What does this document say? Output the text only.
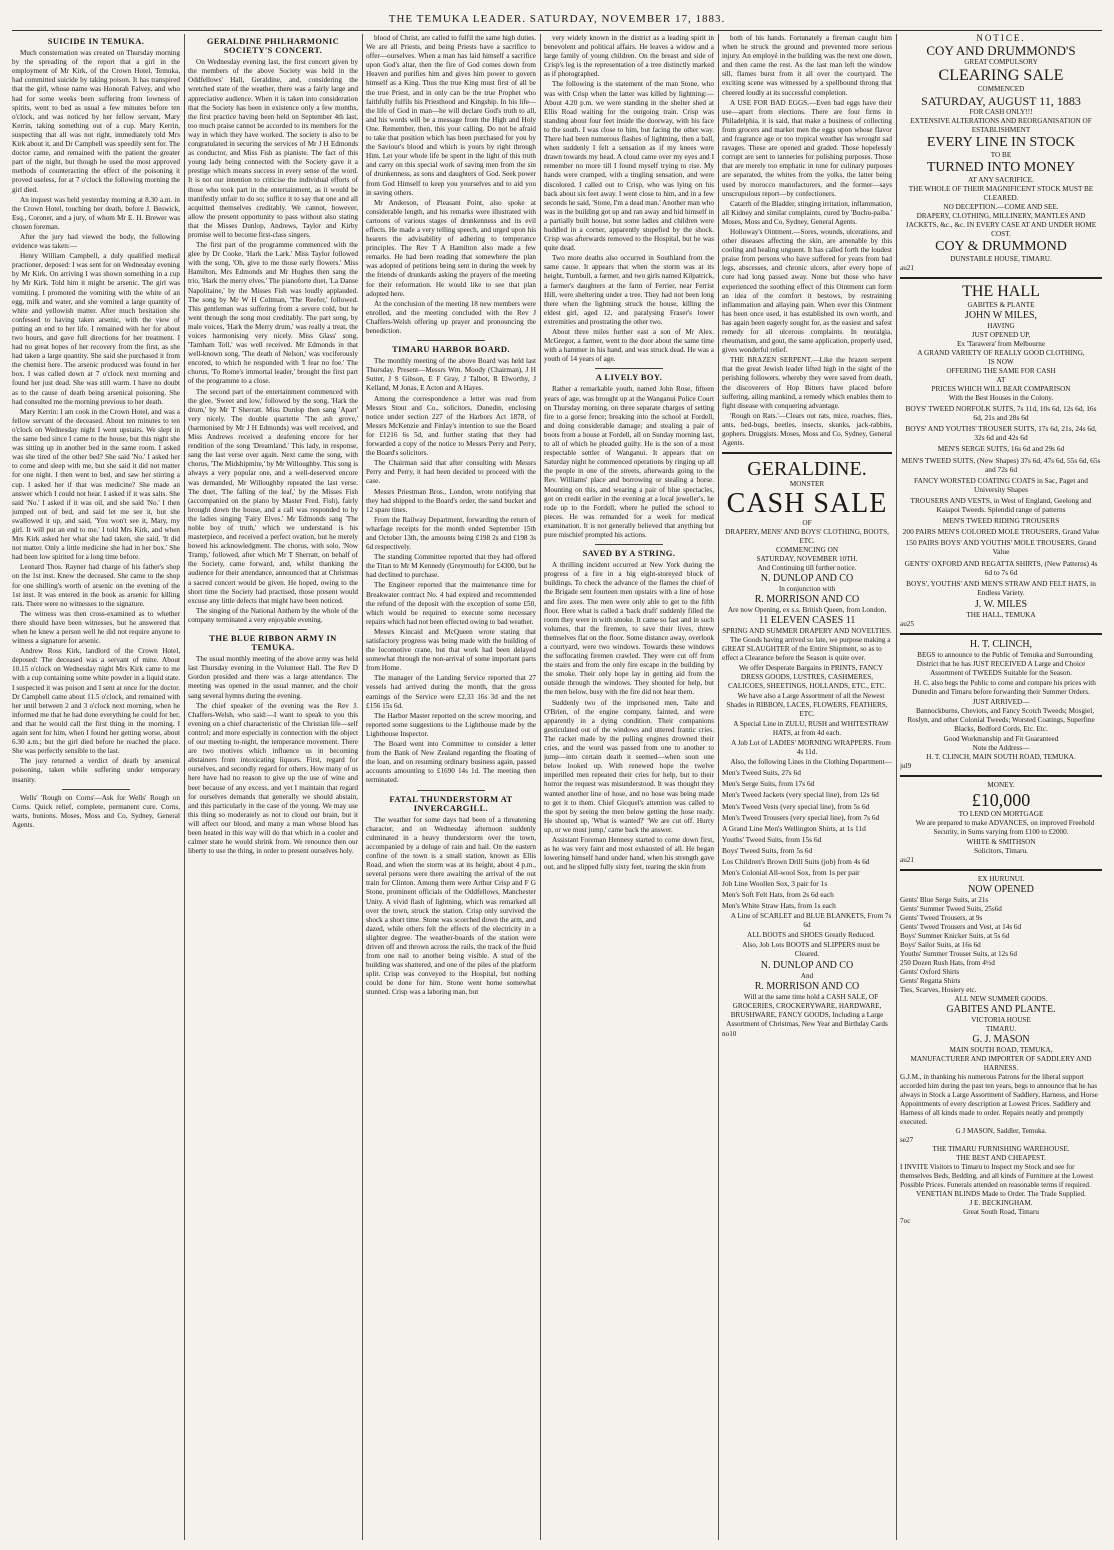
THE TEMUKA LEADER. SATURDAY, NOVEMBER 17, 1883.
SUICIDE IN TEMUKA.

Much consternation was created on Thursday morning by the spreading of the report that a girl in the employment of Mr Kirk, of the Crown Hotel, Temuka, had committed suicide by taking poison. It has transpired that the girl, whose name was Honorah Falvey, and who had for some weeks been suffering from lowness of spirits, went to bed as usual a few minutes before ten o'clock, and was noticed by her fellow servant, Mary Kerrin, taking something out of a cup. Mary Kerrin, suspecting that all was not right, immediately told Mrs Kirk about it, and Dr Campbell was speedily sent for. The doctor came, and remained with the patient the greater part of the night, but though he used the most approved methods of counteracting the effect of the poisoning it proved useless, for at 7 o'clock the following morning the girl died.

An inquest was held yesterday morning at 8.30 a.m. in the Crown Hotel, touching her death, before J. Beswick, Esq., Coroner, and a jury, of whom Mr E. H. Brewer was chosen foreman.

After the jury had viewed the body, the following evidence was taken:—

Henry William Campbell, a duly qualified medical practioner, deposed: I was sent for on Wednesday evening by Mr Kirk. On arriving I was shown something in a cup by Mr Kirk. Told him it might be arsenic. The girl was vomiting. I promoted the vomiting with the white of an egg, milk and water, and she vomited a large quantity of white and yellowish matter. After much hesitation she confessed to having taken arsenic, with the view of putting an end to her life. I remained with her for about two hours, and gave full directions for her treatment. I had no great hopes of her recovery from the first, as she had taken a large quantity. She said she purchased it from the chemist here. The arsenic produced was found in her box. I was called down at 7 o'clock next morning and found her just dead. She was still warm. I have no doubt as to the cause of death being arsenical poisoning. She had consulted me the morning previous to her death.

Mary Kerrin: I am cook in the Crown Hotel, and was a fellow servant of the deceased. About ten minutes to ten o'clock on Wednesday night I went upstairs. We slept in the same bed since I came to the house, but this night she was sitting up in another bed in the same room. I asked was she tired of the other bed? She said 'No.' I asked her to come and sleep with me, but she said it did not matter for one night. I then went to bed, and saw her stirring a cup. I asked her if that was medicine? She made an answer which I could not hear. I asked if it was salts. She said 'No.' I asked if it was oil, and she said 'No.' I then jumped out of bed, and said let me see it, but she swallowed it up, and said, 'You won't see it, Mary, my girl. It will put an end to me.' I told Mrs Kirk, and when Mrs Kirk asked her what she had taken, she said, 'It did not matter. Only a little medicine she had in her box.' She had been low spirited for a long time before.

Leonard Thos. Rayner had charge of his father's shop on the 1st inst. Knew the deceased. She came to the shop for one shilling's worth of arsenic on the evening of the 1st inst. It was entered in the book as arsenic for killing rats. There were no witnesses to the signature.

The witness was then cross-examined as to whether there should have been witnesses, but he answered that when he knew a person well he did not require anyone to witness a signature for arsenic.

Andrew Ross Kirk, landlord of the Crown Hotel, deposed: The deceased was a servant of mine. About 10.15 o'clock on Wednesday night Mrs Kirk came to me with a cup containing some white powder in a liquid state. I suspected it was poison and I sent at once for the doctor. Dr Campbell came about 11.5 o'clock, and remained with her until between 2 and 3 o'clock next morning, when he informed me that he had done everything he could for her, and that he would call the first thing in the morning. I again sent for him, when I found her getting worse, about 6.30 a.m.; but the girl died before he reached the place. She was perfectly sensible to the last.

The jury returned a verdict of death by arsenical poisoning, taken while suffering under temporary insanity.

Wells' 'Rough on Corns'—Ask for Wells' Rough on Corns. Quick relief, complete, permanent cure. Corns, warts, bunions. Moses, Moss and Co, Sydney, General Agents.

GERALDINE PHILHARMONIC SOCIETY'S CONCERT.

On Wednesday evening last, the first concert given by the members of the above Society was held in the Oddfellows' Hall, Geraldine, and, considering the wretched state of the weather, there was a fairly large and appreciative audience. When it is taken into consideration that the Society has been in existence only a few months, the first practice having been held on September 4th last, too much praise cannot be accorded to its members for the way in which they have worked. The society is also to be congratulated in securing the services of Mr J H Edmonds as conductor, and Miss Fish as pianiste. The fact of this young lady being connected with the Society gave it a prestige which means success in every sense of the word. It is not our intention to criticise the individual efforts of those who took part in the entertainment, as it would be manifestly unfair to do so; suffice it to say that one and all acquitted themselves creditably. We cannot, however, allow the present opportunity to pass without also stating that the Misses Dunlop, Andrews, Taylor and Kirby promise well to become first-class singers.

The first part of the programme commenced with the glee by Dr Cooke, 'Hark the Lark.' Miss Taylor followed with the song, 'Oh, give to me those early flowers.' Miss Hamilton, Mrs Edmonds and Mr Hughes then sang the trio, 'Hark the merry elves.' The pianoforte duet, 'La Danse Napolitaine,' by the Misses Fish was loudly applauded. The song by Mr W H Coltman, 'The Reefer,' followed. This gentleman was suffering from a severe cold, but he went through the song most creditably. The part song, by male voices, 'Hark the Merry drum,' was really a treat, the voices harmonising very nicely. Miss Glass' song, 'Tarnham Toll,' was well received. Mr Edmonds in that well-known song, 'The death of Nelson,' was vociferously encored, to which he responded with 'I fear no foe.' The chorus, 'To Rome's immortal leader,' brought the first part of the programme to a close.

The second part of the entertainment commenced with the glee, 'Sweet and low,' followed by the song, 'Hark the drum,' by Mr T Sherratt. Miss Dunlop then sang 'Apart' very nicely. The double quartette 'The ash grove,' (harmonised by Mr J H Edmonds) was well received, and Miss Andrews received a deafening encore for her rendition of the song 'Dreamland.' This lady, in response, sang the last verse over again. Next came the song, with chorus, 'The Midshipmite,' by Mr Willoughby. This song is always a very popular one, and a well-deserved encore was demanded, Mr Willoughby repeated the last verse. The duet, 'The falling of the leaf,' by the Misses Fish (accompanied on the piano by Master Fred. Fish), fairly brought down the house, and a call was responded to by the ladies singing 'Fairy Elves.' Mr Edmonds sang 'The noble boy of truth,' which we understand is his masterpiece, and received a perfect ovation, but he merely bowed his acknowledgment. The chorus, with solo, 'Now Tramp,' followed, after which Mr T Sherratt, on behalf of the Society, came forward, and, whilst thanking the audience for their attendance, announced that at Christmas a sacred concert would be given. He hoped, owing to the short time the Society had practised, those present would excuse any little defects that might have been noticed.

The singing of the National Anthem by the whole of the company terminated a very enjoyable evening.

THE BLUE RIBBON ARMY IN TEMUKA.

The usual monthly meeting of the above army was held last Thursday evening in the Volunteer Hall. The Rev D Gordon presided and there was a large attendance. The meeting was opened in the usual manner, and the choir sang several hymns during the evening.

The chief speaker of the evening was the Rev J. Chaffers-Welsh, who said:—I want to speak to you this evening on a chief characteristic of the Christian life—self control; and more especially in connection with the object of our meeting to-night, the temperance movement. There are two motives which influence us in becoming abstainers from intoxicating liquors. First, regard for ourselves, and secondly regard for others. How many of us here have had no reason to give up the use of wine and beer because of any excess, and yet I maintain that regard for ourselves demands that generally we should abstain, and this particularly in the case of the young. We may use this thing so moderately as not to cloud our brain, but it will affect our blood, and many a man whose blood has been heated in this way will do that which in a cooler and calmer state he would shrink from. We renounce then our liberty to use the thing, in order to present ourselves holy.

blood of Christ, are called to fulfil the same high duties. We are all Priests, and being Priests have a sacrifice to offer—ourselves. When a man has laid himself a sacrifice upon God's altar, then the fire of God comes down from Heaven and purifies him and gives him power to govern himself as a King. Thus the true King must first of all be the true Priest, and in only can be the true Prophet who faithfully fulfils his Priesthood and Kingship. In his life—the life of God in man—he will declare God's truth to all, and his words will be a message from the High and Holy One. Remember, then, this your calling. Do not be afraid to take that position which has been purchased for you by the Saviour's blood and which is yours by right through Him. Let your whole life be spent in the light of this truth and carry on this special work of saving men from the sin of drunkenness, as sons and daughters of God. Seek power from God Himself to keep you yourselves and to aid you in saving others.

Mr Anderson, of Pleasant Point, also spoke at considerable length, and his remarks were illustrated with cartoons of various stages of drunkenness and its evil effects. He made a very telling speech, and urged upon his hearers the advisability of adhering to temperance principles. The Rev T A Hamilton also made a few remarks. He had been reading that somewhere the plan was adopted of petitions being sent in during the week by the friends of drunkards asking the prayers of the meeting for their reformation. He would like to see that plan adopted here.

At the conclusion of the meeting 18 new members were enrolled, and the meeting concluded with the Rev J Chaffers-Welsh offering up prayer and pronouncing the benediction.

TIMARU HARBOR BOARD.

The monthly meeting of the above Board was held last Thursday. Present—Messrs Wm. Moody (Chairman), J H Sutter, J S Gibson, E F Gray, J Talbot, R Elworthy, J Kelland, M Jonas, E Acton and A Hayes.

Among the correspondence a letter was read from Messrs Stout and Co., solicitors, Dunedin, enclosing notice under section 227 of the Harbors Act 1878, of Messrs McKenzie and Finlay's intention to sue the Board for £1216 6s 5d, and further stating that they had forwarded a copy of the notice to Messrs Perry and Perry, the Board's solicitors.

The Chairman said that after consulting with Messrs Perry and Perry, it had been decided to proceed with the case.

Messrs Priestman Bros., London, wrote notifying that they had shipped to the Board's order, the sand bucket and 12 spare tines.

From the Railway Department, forwarding the return of wharfage receipts for the month ended September 15th and October 13th, the amounts being £198 2s and £198 3s 6d respectively.

The standing Committee reported that they had offered the Titan to Mr M Kennedy (Greymouth) for £4300, but he had declined to purchase.

The Engineer reported that the maintenance time for Breakwater contract No. 4 had expired and recommended the refund of the deposit with the exception of some £50, which would be required to execute some necessary repairs which had not been effected owing to bad weather.

Messrs Kincaid and McQueen wrote stating that satisfactory progress was being made with the building of the locomotive crane, but that work had been delayed somewhat through the non-arrival of some important parts from Home.

The manager of the Landing Service reported that 27 vessels had arrived during the month, that the gross earnings of the Service were £2,33 16s 3d and the net £156 15s 6d.

The Harbor Master reported on the screw mooring, and reported some suggestions to the Lighthouse made by the Lighthouse Inspector.

The Board went into Committee to consider a letter from the Bank of New Zealand regarding the floating of the loan, and on resuming ordinary business again, passed accounts amounting to £1690 14s 1d. The meeting then terminated.

FATAL THUNDERSTORM AT INVERCARGILL.

The weather for some days had been of a threatening character, and on Wednesday afternoon suddenly culminated in a heavy thunderstorm over the town, accompanied by a deluge of rain and hail. On the eastern confine of the town is a small station, known as Ellis Road, and when the storm was at its height, about 4 p.m., several persons were there awaiting the arrival of the out train for Clinton. Among them were Arthur Crisp and F G Stone, prominent officials of the Oddfellows, Manchester Unity. A vivid flash of lightning, which was remarked all over the town, struck the station. Crisp only survived the shock a short time. Stone was scorched down the arm, and dazed, while others felt the effects of the electricity in a slighter degree. The weather-boards of the station were driven off and thrown across the rails, the track of the fluid from one nail to another being visible. A stud of the building was shattered, and one of the piles of the platform split. Crisp was conveyed to the Hospital, but nothing could be done for him. Stone went home somewhat stunned. Crisp was a laboring man, but

very widely known in the district as a leading spirit in benevolent and political affairs. He leaves a widow and a large family of young children. On the breast and side of Crisp's leg is the representation of a tree distinctly marked as if photographed.

The following is the statement of the man Stone, who was with Crisp when the latter was killed by lightning:—About 4.20 p.m. we were standing in the shelter shed at Ellis Road waiting for the outgoing train. Crisp was standing about four feet inside the doorway, with his face to the south. I was close to him, but facing the other way. There had been numerous flashes of lightning, then a ball, when suddenly I felt a sensation as if my knees were drawn towards my head. A cloud came over my eyes and I remember no more till I found myself trying to rise. My hands were cramped, with a tingling sensation, and were discolored. I called out to Crisp, who was lying on his back about six feet away. I went close to him, and in a few seconds he said, 'Stone, I'm a dead man.' Another man who was in the building got up and ran away and hid himself in a partially built house, but some ladies and children were huddled in a corner, apparently stupefied by the shock. Crisp was afterwards removed to the Hospital, but he was quite dead.

Two more deaths also occurred in Southland from the same cause. It appears that when the storm was at its height, Turnbull, a farmer, and two girls named Kilpatrick, a farmer's daughters at the farm of Ferrier, near Ferrist Hill, were sheltering under a tree. They had not been long there when the lightning struck the house, killing the eldest girl, aged 12, and paralysing Fraser's lower extremities and prostrating the other two.

About three miles further east a son of Mr Alex. McGregor, a farmer, went to the door about the same time with a hammer in his hand, and was struck dead. He was a youth of 14 years of age.

A LIVELY BOY.

Rather a remarkable youth, named John Rose, fifteen years of age, was brought up at the Wanganui Police Court on Thursday morning, on three separate charges of setting fire to a gorse fence; breaking into the school at Fordell, and doing considerable damage; and stealing a pair of boots from a house at Fordell, all on Sunday morning last, to all of which he pleaded guilty. He is the son of a most respectable settler of Wanganui. It appears that on Saturday night he commenced operations by ringing up all the people in one of the streets, afterwards going to the Rev. Williams' place and borrowing or stealing a horse. Mounting on this, and wearing a pair of blue spectacles, got on credit earlier in the evening at a local jeweller's, he rode up to the Fordell, where he pulled the school to pieces. He was remanded for a week for medical examination. It is not generally believed that anything but pure mischief prompted his actions.

SAVED BY A STRING.

A thrilling incident occurred at New York during the progress of a fire in a big eight-storeyed block of buildings. To check the advance of the flames the chief of the Brigade sent fourteen men upstairs with a line of hose and fire axes. The men were only able to get to the fifth floor. Here what is called a 'back draft' suddenly filled the room they were in with smoke. It came so fast and in such volumes, that the firemen, to save their lives, threw themselves flat on the floor. Some distance away, overlook a courtyard, were two windows. Towards these windows the suffocating firemen crawled. They were cut off from the stairs and from the only fire escape in the building by the smoke. Their only hope lay in getting aid from the outside through the windows. They shouted for help, but the men below, busy with the fire did not hear them.

Suddenly two of the imprisoned men, Taite and O'Brien, of the engine company, fainted, and were apparently in a dying condition. Their companions gesticulated out of the windows and uttered frantic cries. The racket made by the pulling engines drowned their cries, and the word was passed from one to another to jump—into certain death it seemed—when soon one below looked up. With renewed hope the twelve imperilled men repeated their cries for help, but to their horror the request was misunderstood. It was thought they wanted another line of hose, and no hose was being made to get it to them. Chief Gicquel's attention was called to the spot by seeing the men below getting the hose ready. He shouted up, 'What is wanted?' 'We are cut off. Hurry up, or we must jump,' came back the answer.

Assistant Foreman Hennesy started to come down first, as he was very faint and most exhausted of all. He began lowering himself hand under hand, when his strength gave out, and he slipped fully sixty feet, tearing the skin from

both of his hands. Fortunately a fireman caught him when he struck the ground and prevented more serious injury. An employé in the building was the next one down, and then came the rest. As the last man left the window sill, flames burst from it all over the courtyard. The exciting scene was witnessed by a spellbound throng that cheered loudly at its successful completion.

A USE FOR BAD EGGS.—Even bad eggs have their use—apart from elections. There are four firms in Philadelphia, it is said, that make a business of collecting from grocers and market men the eggs upon whose flavor and fragrance age or too tropical weather has wrought sad ravages. These are opened and graded. Those hopelessly corrupt are sent to tanneries for polishing purposes. Those that are merely too emphatic in tone for culinary purposes are separated, the whites from the yolks, the latter being used by morocco manufacturers, and the former—says unscrupulous report—by confectioners.

Catarrh of the Bladder, stinging irritation, inflammation, all Kidney and similar complaints, cured by 'Buchu-paiba.' Moses, Moss and Co, Sydney, General Agents.

Holloway's Ointment.—Sores, wounds, ulcerations, and other diseases affecting the skin, are amenable by this cooling and healing unguent. It has called forth the loudest praise from persons who have suffered for years from bad legs, abscesses, and chronic ulcers, after every hope of cure had long passed away. None but those who have experienced the soothing effect of this Ointment can form an idea of the comfort it bestows, by restraining inflammation and allaying pain. When ever this Ointment has been once used, it has established its own worth, and has again been eagerly sought for, as the easiest and safest remedy for all ulcerous complaints. In neuralgia, rheumatism, and gout, the same application, properly used, gives wonderful relief.

THE BRAZEN SERPENT.—Like the brazen serpent that the great Jewish leader lifted high in the sight of the perishing followers, whereby they were saved from death, the discoverers of Hop Bitters have placed before suffering, ailing mankind, a remedy which enables them to fight disease with conquering advantage.

'Rough on Rats.'—Clears out rats, mice, roaches, flies, ants, bed-bugs, beetles, insects, skunks, jack-rabbits, gophers. Druggists. Moses, Moss and Co, Sydney, General Agents.

GERALDINE.
MONSTER
CASH SALE
OF
DRAPERY, MENS' AND BOYS' CLOTHING, BOOTS, ETC.
COMMENCING ON
SATURDAY, NOVEMBER 10TH.
And Continuing till further notice.
N. DUNLOP AND CO
In conjunction with
R. MORRISON AND CO
Are now Opening, ex s.s. British Queen, from London,
11 ELEVEN CASES 11
SPRING AND SUMMER DRAPERY AND NOVELTIES.

The Goods having arrived so late, we purpose making a GREAT SLAUGHTER of the Entire Shipment, so as to effect a Clearance before the Season is quite over.

We offer Desperate Bargains in PRINTS, FANCY DRESS GOODS, LUSTRES, CASHMERES, CALICOES, SHEETINGS, HOLLANDS, ETC., ETC.

We have also a Large Assortment of all the Newest Shades in RIBBON, LACES, FLOWERS, FEATHERS, ETC.

A Special Line in ZULU, RUSH and WHITESTRAW HATS, at from 4d each.

A Job Lot of LADIES' MORNING WRAPPERS. From 4s 11d.

Also, the following Lines in the Clothing Department—

Men's Tweed Suits, 27s 6d

Men's Serge Suits, from 17s 6d

Men's Tweed Jackets (very special line), from 12s 6d

Men's Tweed Vests (very special line), from 5s 6d

Men's Tweed Trousers (very special line), from 7s 6d

A Grand Line Men's Wellington Shirts, at 1s 11d

Youths' Tweed Suits, from 15s 6d

Boys' Tweed Suits, from 5s 6d

Los Children's Brown Drill Suits (job) from 4s 6d

Men's Colonial All-wool Sox, from 1s per pair

Job Line Woollen Sox, 3 pair for 1s

Men's Soft Felt Hats, from 2s 6d each

Men's White Straw Hats, from 1s each

A Line of SCARLET and BLUE BLANKETS, From 7s 6d

ALL BOOTS and SHOES Greatly Reduced.

Also, Job Lots BOOTS and SLIPPERS must be Cleared.

N. DUNLOP AND CO
And
R. MORRISON AND CO

Will at the same time hold a CASH SALE, OF GROCERIES, CROCKERYWARE, HARDWARE, BRUSHWARE, FANCY GOODS, Including a Large Assortment of Christmas, New Year and Birthday Cards

no10
NOTICE.
COY AND DRUMMOND'S
GREAT COMPULSORY
CLEARING SALE
COMMENCED
SATURDAY, AUGUST 11, 1883
FOR CASH ONLY!!!
EXTENSIVE ALTERATIONS AND REORGANISATION OF ESTABLISHMENT
EVERY LINE IN STOCK
TO BE
TURNED INTO MONEY
AT ANY SACRIFICE.
THE WHOLE OF THEIR MAGNIFICENT STOCK MUST BE CLEARED.
NO DECEPTION.—COME AND SEE.
DRAPERY, CLOTHING, MILLINERY, MANTLES AND JACKETS, &c., &c. IN EVERY CASE AT AND UNDER HOME COST.
COY & DRUMMOND
DUNSTABLE HOUSE, TIMARU.
au21
THE HALL
GABITES & PLANTE
JOHN W MILES,
HAVING
JUST OPENED UP,
Ex 'Tarawera' from Melbourne
A GRAND VARIETY OF REALLY GOOD CLOTHING,
IS NOW
OFFERING THE SAME FOR CASH
AT
PRICES WHICH WILL BEAR COMPARISON
With the Best Houses in the Colony.

BOYS' TWEED NORFOLK SUITS, 7s 11d, 10s 6d, 12s 6d, 16s 6d, 21s and 28s 6d

BOYS' AND YOUTHS' TROUSER SUITS, 17s 6d, 21s, 24s 6d, 32s 6d and 42s 6d

MEN'S SERGE SUITS, 16s 6d and 29s 6d

MEN'S TWEED SUITS, (New Shapes) 37s 6d, 47s 6d, 55s 6d, 65s and 72s 6d

FANCY WORSTED COATING COATS in Sac, Paget and University Shapes

TROUSERS AND VESTS, in West of England, Geelong and Kaiapoi Tweeds. Splendid range of patterns

MEN'S TWEED RIDING TROUSERS

200 PAIRS MEN'S COLORED MOLE TROUSERS, Grand Value

150 PAIRS BOYS' AND YOUTHS' MOLE TROUSERS, Grand Value

GENTS' OXFORD AND REGATTA SHIRTS, (New Patterns) 4s 6d to 7s 6d

BOYS', YOUTHS' AND MEN'S STRAW AND FELT HATS, in Endless Variety.

J. W. MILES
THE HALL, TEMUKA
au25
H. T. CLINCH,

BEGS to announce to the Public of Temuka and Surrounding District that he has JUST RECEIVED A Large and Choice Assortment of TWEEDS Suitable for the Season.

H. C. also begs the Public to come and compare his prices with Dunedin and Timaru before forwarding their Summer Orders.

JUST ARRIVED—

Bannockburns, Cheviots, and Fancy Scotch Tweeds; Mosgiel, Roslyn, and other Colonial Tweeds; Worsted Coatings, Superfine Blacks, Bedford Cords, Etc. Etc.

Good Workmanship and Fit Guaranteed
Note the Address—
H. T. CLINCH, MAIN SOUTH ROAD, TEMUKA.
jul9
MONEY.
£10,000
TO LEND ON MORTGAGE

We are prepared to make ADVANCES, on improved Freehold Security, in Sums varying from £100 to £2000.

WHITE & SMITHSON
Solicitors, Timaru.
au21
EX HURUNUI.
NOW OPENED
Gents' Blue Serge Suits, at 21s
Gents' Summer Tweed Suits, 25s6d
Gents' Tweed Trousers, at 9s
Gents' Tweed Trousers and Vest, at 14s 6d
Boys' Summer Knicker Suits, at 5s 6d
Boys' Sailor Suits, at 16s 6d
Youths' Summer Trouser Suits, at 12s 6d
250 Dozen Rush Hats, from 4½d
Gents' Oxford Shirts
Gents' Regatta Shirts
Ties, Scarves, Hosiery etc.
ALL NEW SUMMER GOODS.
GABITES AND PLANTE.
VICTORIA HOUSE
TIMARU.
G. J. MASON
MAIN SOUTH ROAD, TEMUKA,
MANUFACTURER AND IMPORTER OF SADDLERY AND HARNESS.
G.J.M., in thanking his numerous Patrons for the liberal support accorded him during the past ten years, begs to announce that he has always in Stock a Large Assortment of Saddlery, Harness, and Horse Appointments of every description at Lowest Prices. Saddlery and Harness of all kinds made to order. Repairs neatly and promptly executed.
G J MASON, Saddler, Temuka.
se27
THE TIMARU FURNISHING WAREHOUSE.
THE BEST AND CHEAPEST.
I INVITE Visitors to Timaru to Inspect my Stock and see for themselves Beds, Bedding, and all kinds of Furniture at the Lowest Possible Prices. Funerals attended on reasonable terms if required.
VENETIAN BLINDS Made to Order. The Trade Supplied.
J E. BECKINGHAM.
Great South Road, Timaru
7oc
